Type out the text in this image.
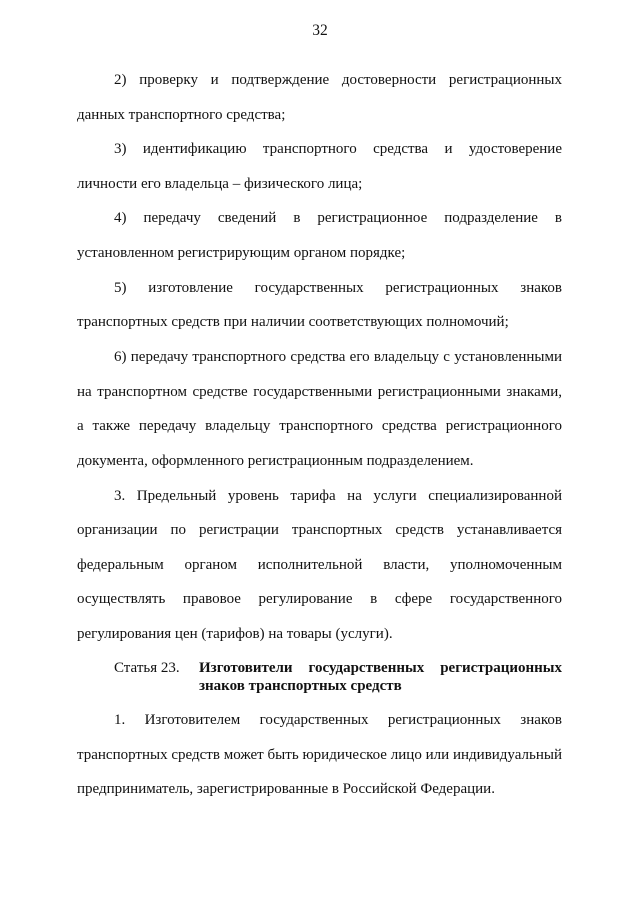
32
2) проверку и подтверждение достоверности регистрационных
данных транспортного средства;
3) идентификацию транспортного средства и удостоверение
личности его владельца – физического лица;
4) передачу сведений в регистрационное подразделение в
установленном регистрирующим органом порядке;
5) изготовление государственных регистрационных знаков
транспортных средств при наличии соответствующих полномочий;
6) передачу транспортного средства его владельцу с установленными
на транспортном средстве государственными регистрационными знаками,
а также передачу владельцу транспортного средства регистрационного
документа, оформленного регистрационным подразделением.
3. Предельный уровень тарифа на услуги специализированной
организации по регистрации транспортных средств устанавливается
федеральным органом исполнительной власти, уполномоченным
осуществлять правовое регулирование в сфере государственного
регулирования цен (тарифов) на товары (услуги).
Статья 23. Изготовители государственных регистрационных
знаков транспортных средств
1. Изготовителем государственных регистрационных знаков
транспортных средств может быть юридическое лицо или индивидуальный
предприниматель, зарегистрированные в Российской Федерации.
